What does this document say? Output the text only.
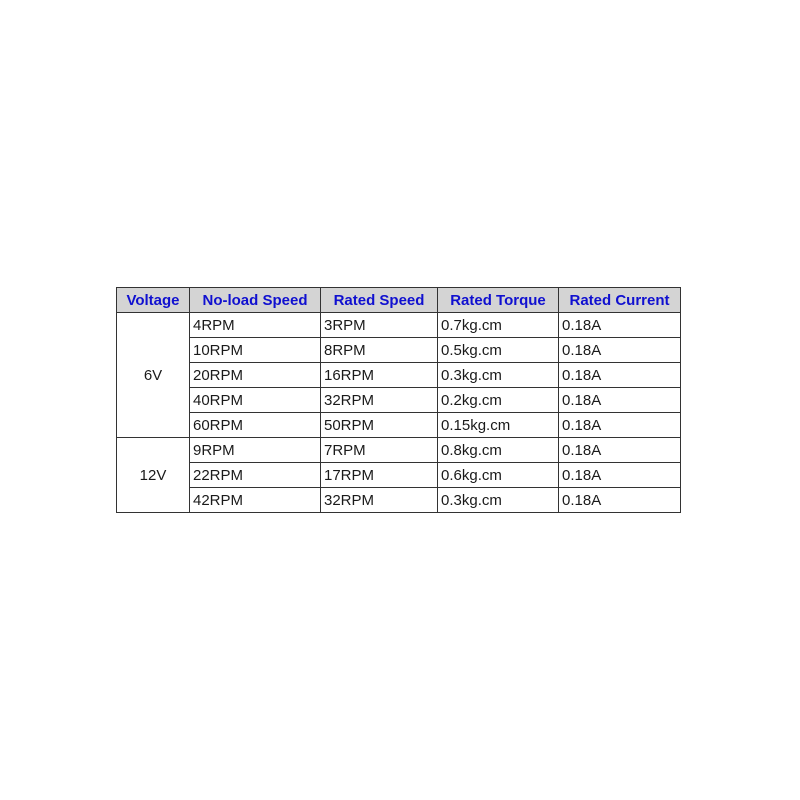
Voltage	No-load Speed	Rated Speed	Rated Torque	Rated Current
6V	4RPM	3RPM	0.7kg.cm	0.18A
	10RPM	8RPM	0.5kg.cm	0.18A
	20RPM	16RPM	0.3kg.cm	0.18A
	40RPM	32RPM	0.2kg.cm	0.18A
	60RPM	50RPM	0.15kg.cm	0.18A
12V	9RPM	7RPM	0.8kg.cm	0.18A
	22RPM	17RPM	0.6kg.cm	0.18A
	42RPM	32RPM	0.3kg.cm	0.18A
